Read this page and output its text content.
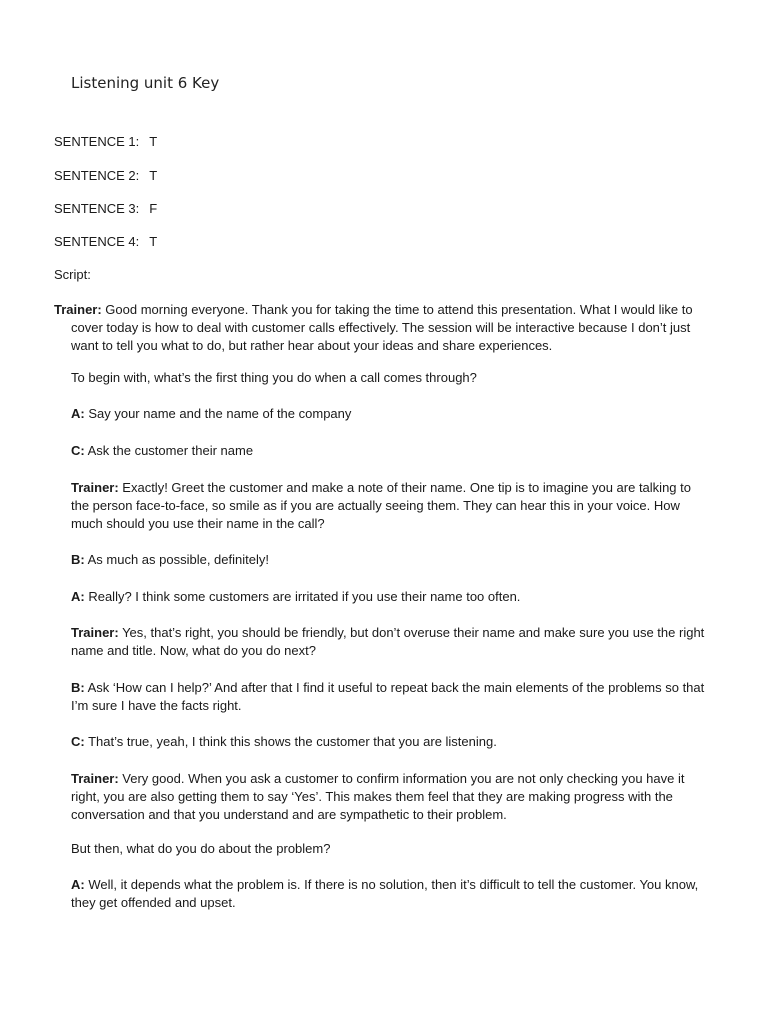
Listening unit 6 Key
SENTENCE 1: T
SENTENCE 2: T
SENTENCE 3: F
SENTENCE 4: T
Script:

Trainer: Good morning everyone. Thank you for taking the time to attend this presentation. What I would like to cover today is how to deal with customer calls effectively. The session will be interactive because I don’t just want to tell you what to do, but rather hear about your ideas and share experiences.

To begin with, what’s the first thing you do when a call comes through?

A: Say your name and the name of the company

C: Ask the customer their name

Trainer: Exactly! Greet the customer and make a note of their name. One tip is to imagine you are talking to the person face-to-face, so smile as if you are actually seeing them. They can hear this in your voice. How much should you use their name in the call?

B: As much as possible, definitely!

A: Really? I think some customers are irritated if you use their name too often.

Trainer: Yes, that’s right, you should be friendly, but don’t overuse their name and make sure you use the right name and title. Now, what do you do next?

B: Ask ‘How can I help?’ And after that I find it useful to repeat back the main elements of the problems so that I’m sure I have the facts right.

C: That’s true, yeah, I think this shows the customer that you are listening.

Trainer: Very good. When you ask a customer to confirm information you are not only checking you have it right, you are also getting them to say ‘Yes’. This makes them feel that they are making progress with the conversation and that you understand and are sympathetic to their problem.

But then, what do you do about the problem?

A: Well, it depends what the problem is. If there is no solution, then it’s difficult to tell the customer. You know, they get offended and upset.
